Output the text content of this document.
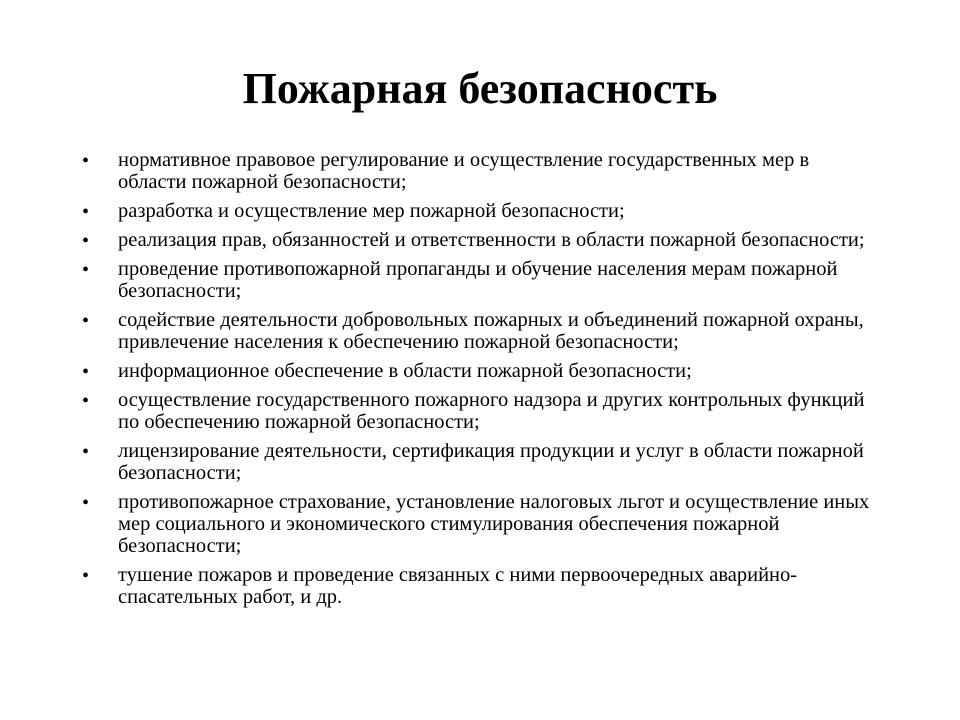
Пожарная безопасность
• нормативное правовое регулирование и осуществление государственных мер в области пожарной безопасности;
• разработка и осуществление мер пожарной безопасности;
• реализация прав, обязанностей и ответственности в области пожарной безопасности;
• проведение противопожарной пропаганды и обучение населения мерам пожарной безопасности;
• содействие деятельности добровольных пожарных и объединений пожарной охраны, привлечение населения к обеспечению пожарной безопасности;
• информационное обеспечение в области пожарной безопасности;
• осуществление государственного пожарного надзора и других контрольных функций по обеспечению пожарной безопасности;
• лицензирование деятельности, сертификация продукции и услуг в области пожарной безопасности;
• противопожарное страхование, установление налоговых льгот и осуществление иных мер социального и экономического стимулирования обеспечения пожарной безопасности;
• тушение пожаров и проведение связанных с ними первоочередных аварийно-спасательных работ, и др.
